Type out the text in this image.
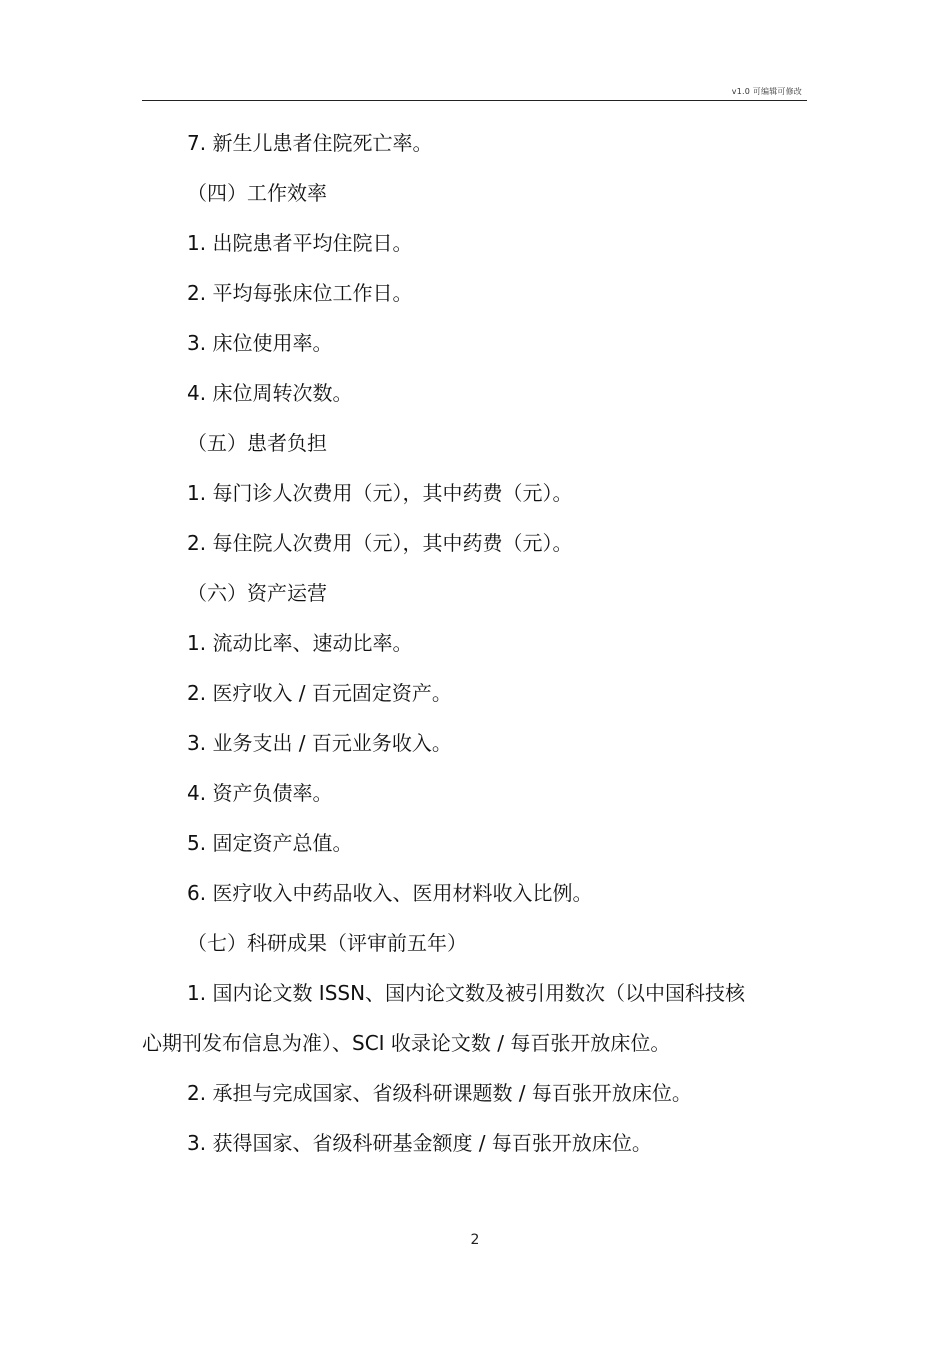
v1.0 可编辑可修改
7. 新生儿患者住院死亡率。
（四）工作效率
1. 出院患者平均住院日。
2. 平均每张床位工作日。
3. 床位使用率。
4. 床位周转次数。
（五）患者负担
1. 每门诊人次费用（元），其中药费（元）。
2. 每住院人次费用（元），其中药费（元）。
（六）资产运营
1. 流动比率、速动比率。
2. 医疗收入 / 百元固定资产。
3. 业务支出 / 百元业务收入。
4. 资产负债率。
5. 固定资产总值。
6. 医疗收入中药品收入、医用材料收入比例。
（七）科研成果（评审前五年）
1. 国内论文数 ISSN、国内论文数及被引用数次（以中国科技核
心期刊发布信息为准）、SCI 收录论文数 / 每百张开放床位。
2. 承担与完成国家、省级科研课题数 / 每百张开放床位。
3. 获得国家、省级科研基金额度 / 每百张开放床位。
2
